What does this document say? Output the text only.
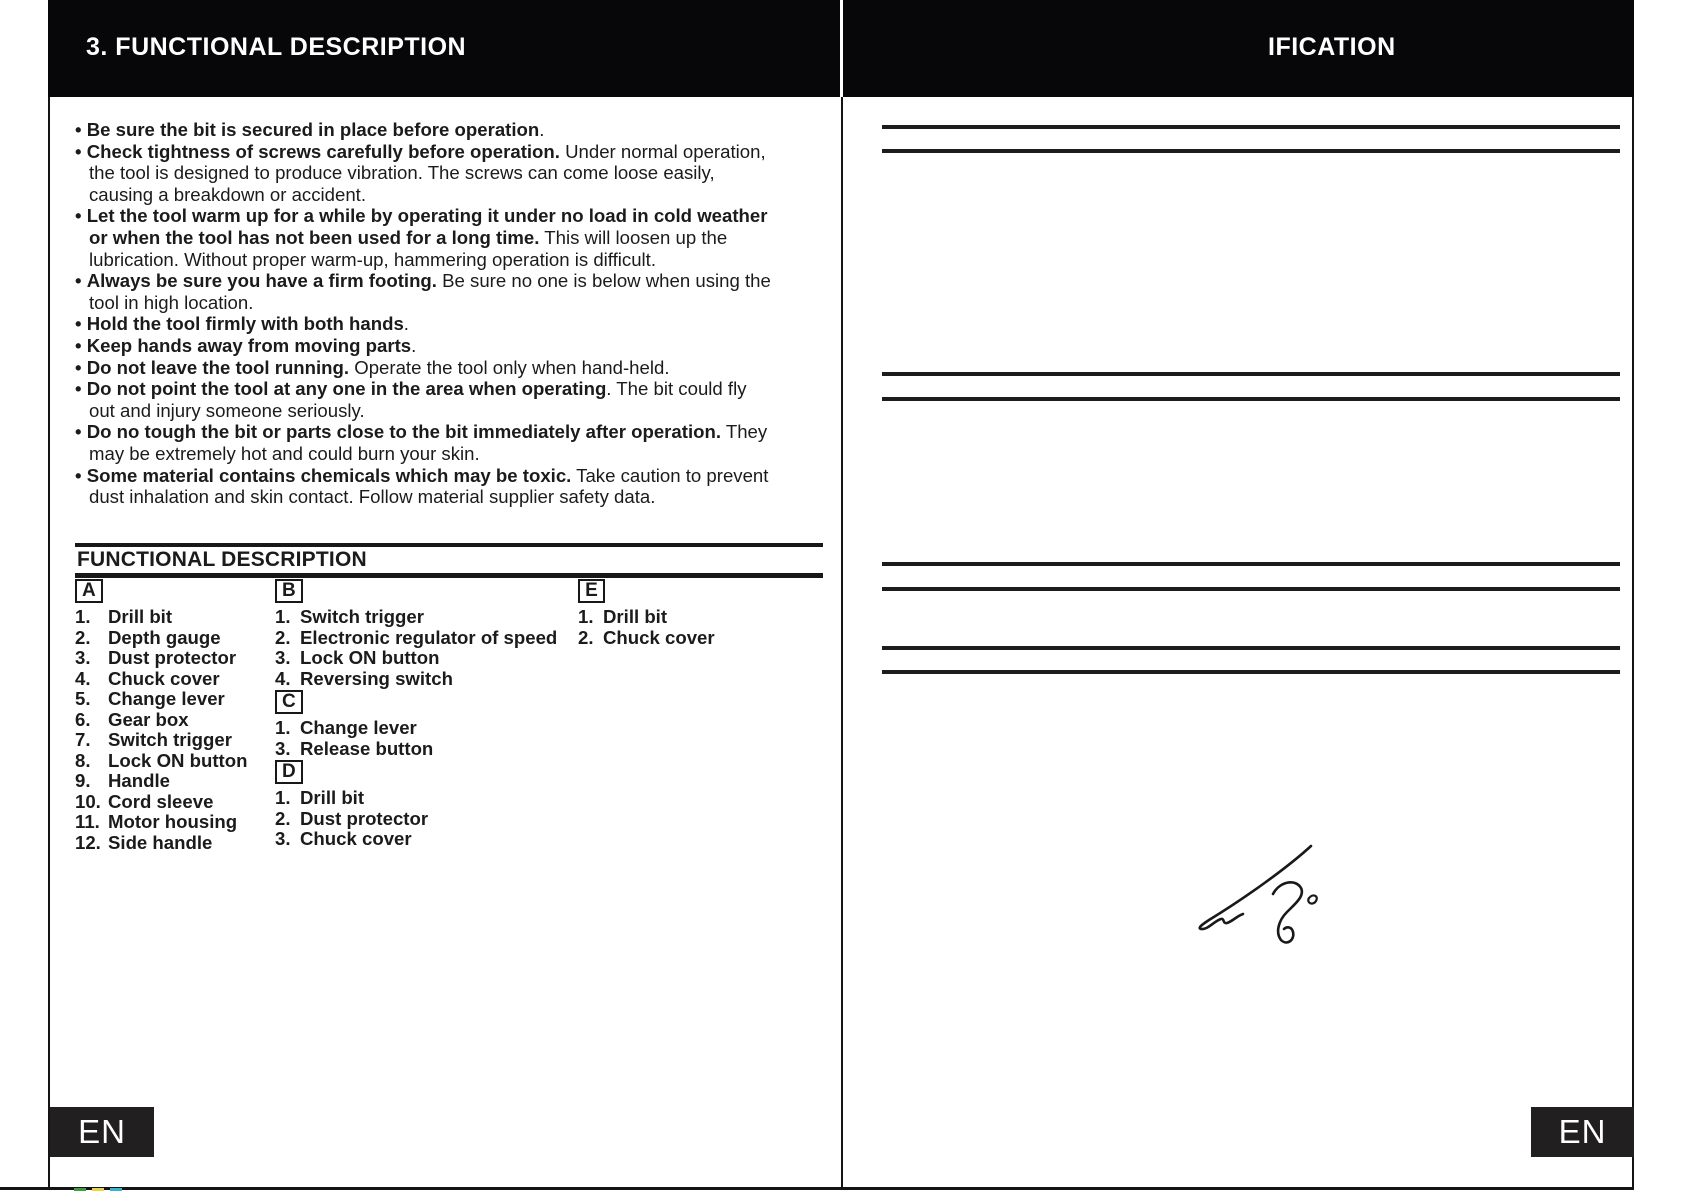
3. FUNCTIONAL DESCRIPTION	IFICATION
• Be sure the bit is secured in place before operation.
• Check tightness of screws carefully before operation. Under normal operation, the tool is designed to produce vibration. The screws can come loose easily, causing a breakdown or accident.
• Let the tool warm up for a while by operating it under no load in cold weather or when the tool has not been used for a long time. This will loosen up the lubrication. Without proper warm-up, hammering operation is difficult.
• Always be sure you have a firm footing. Be sure no one is below when using the tool in high location.
• Hold the tool firmly with both hands.
• Keep hands away from moving parts.
• Do not leave the tool running. Operate the tool only when hand-held.
• Do not point the tool at any one in the area when operating. The bit could fly out and injury someone seriously.
• Do no tough the bit or parts close to the bit immediately after operation. They may be extremely hot and could burn your skin.
• Some material contains chemicals which may be toxic. Take caution to prevent dust inhalation and skin contact. Follow material supplier safety data.
FUNCTIONAL DESCRIPTION
A
1. Drill bit
2. Depth gauge
3. Dust protector
4. Chuck cover
5. Change lever
6. Gear box
7. Switch trigger
8. Lock ON button
9. Handle
10. Cord sleeve
11. Motor housing
12. Side handle
B
1. Switch trigger
2. Electronic regulator of speed
3. Lock ON button
4. Reversing switch
C
1. Change lever
3. Release button
D
1. Drill bit
2. Dust protector
3. Chuck cover
E
1. Drill bit
2. Chuck cover
EN	EN
